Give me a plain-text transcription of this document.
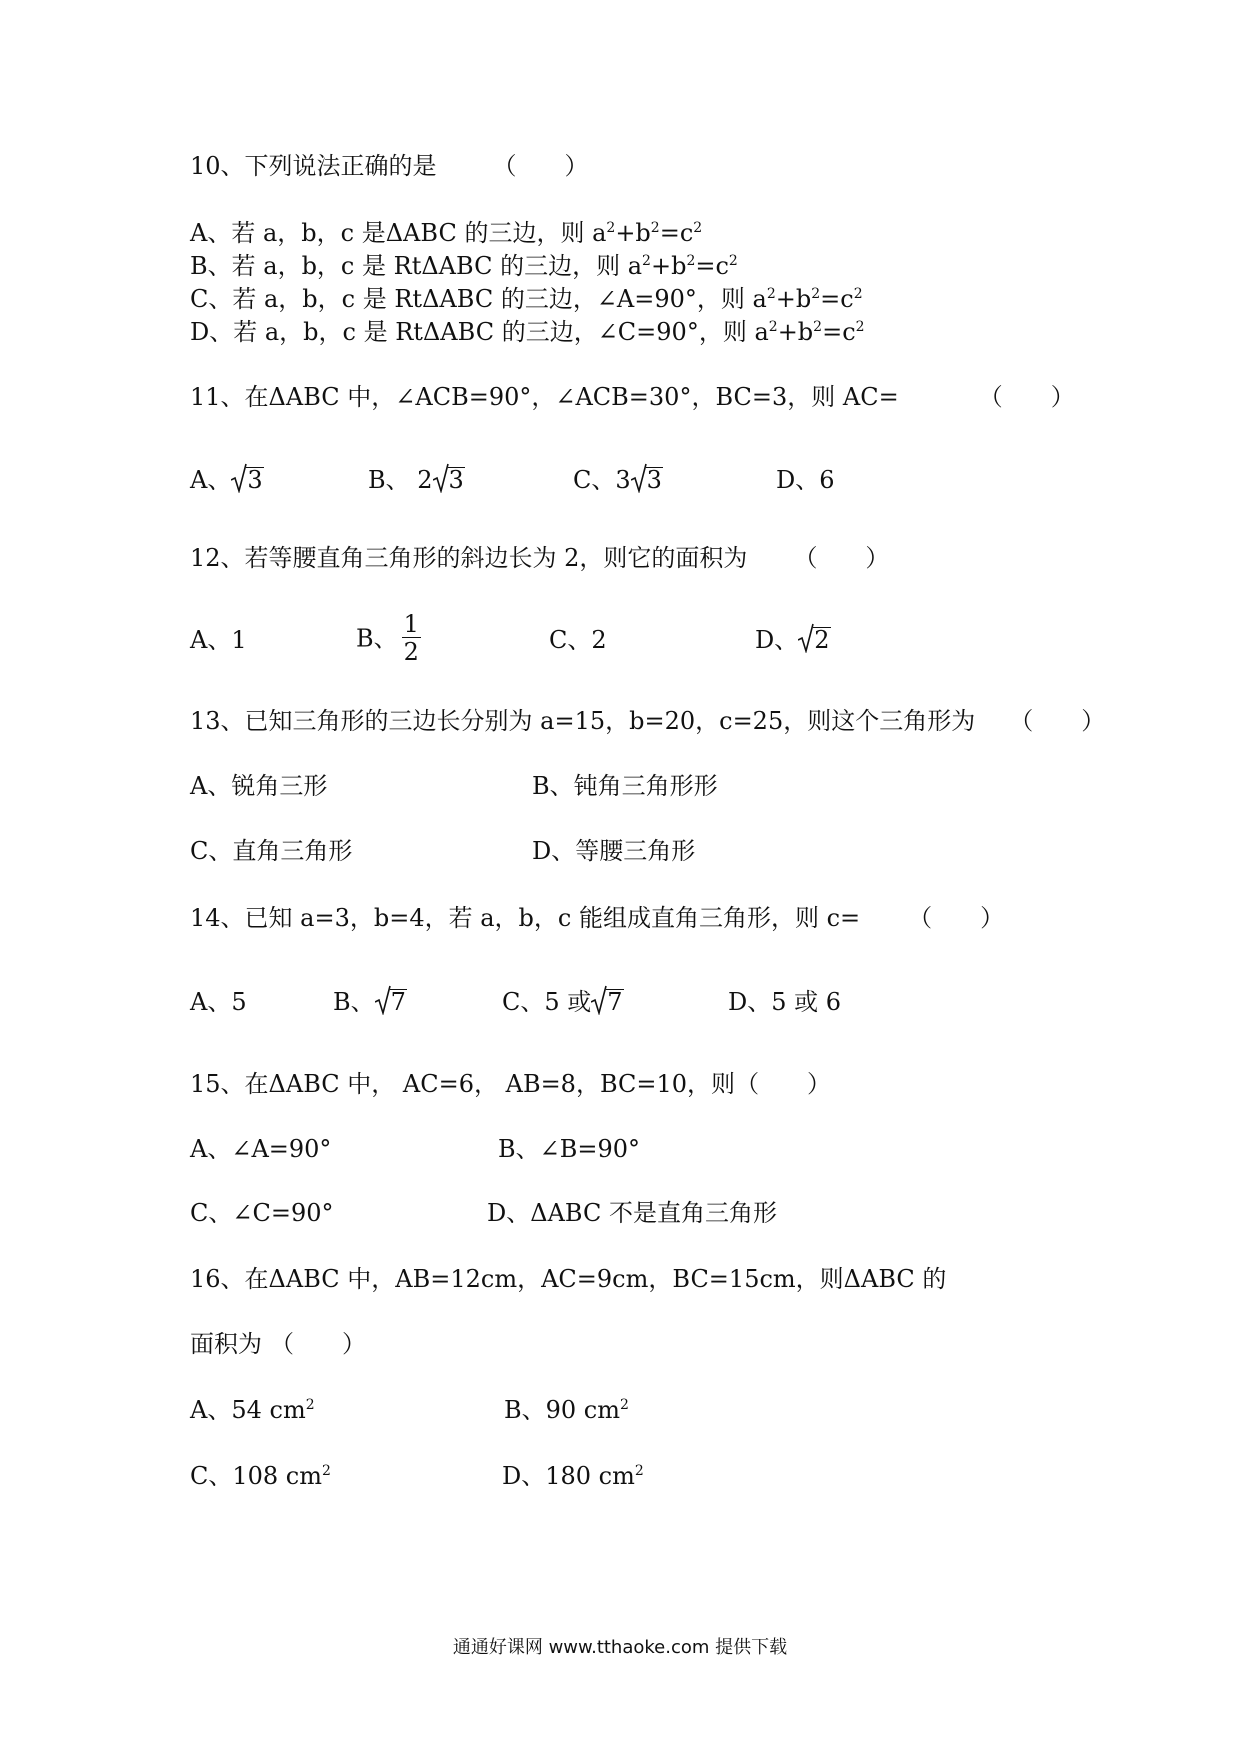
10、下列说法正确的是 （　　）
A、若 a，b，c 是ΔABC 的三边，则 $a^2+b^2=c^2$
B、若 a，b，c 是 RtΔABC 的三边，则 $a^2+b^2=c^2$
C、若 a，b，c 是 RtΔABC 的三边，∠A=90°，则 $a^2+b^2=c^2$
D、若 a，b，c 是 RtΔABC 的三边，∠C=90°，则 $a^2+b^2=c^2$
11、在ΔABC 中，∠ACB=90°，∠ACB=30°，BC=3，则 AC=	（　　）
A、 3	B、 2 3	C、3 3	D、6
12、若等腰直角三角形的斜边长为 2，则它的面积为 （　　）
A、1	B、 $\frac{1}{2}$	C、2	D、 2
13、已知三角形的三边长分别为 a=15，b=20，c=25，则这个三角形为 （　　）
A、锐角三形	B、钝角三角形形
C、直角三角形	D、等腰三角形
14、已知 a=3，b=4，若 a，b，c 能组成直角三角形，则 c= （　　）
A、5	B、 7	C、5 或 7	D、5 或 6
15、在ΔABC 中， AC=6， AB=8，BC=10，则（　　）
A、∠A=90°	B、∠B=90°
C、∠C=90°	D、ΔABC 不是直角三角形
16、在ΔABC 中，AB=12cm，AC=9cm，BC=15cm，则ΔABC 的
面积为 （　　）
A、54 $cm^2$	B、90 $cm^2$
C、108 $cm^2$	D、180 $cm^2$
通通好课网 www.tthaoke.com 提供下载
